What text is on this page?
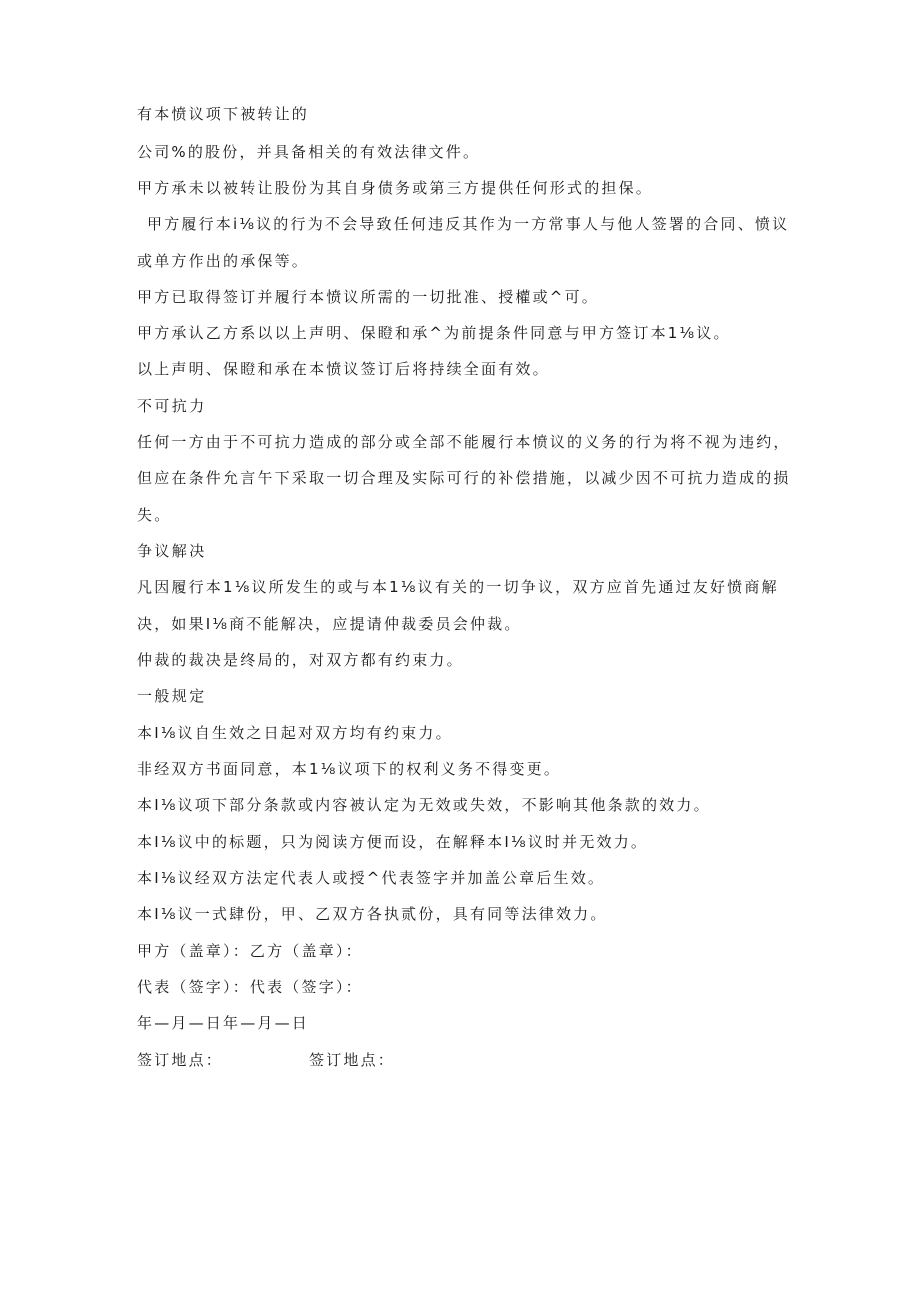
有本愤议项下被转让的
公司%的股份，并具备相关的有效法律文件。
甲方承未以被转让股份为其自身债务或第三方提供任何形式的担保。
甲方履行本i⅛议的行为不会导致任何违反其作为一方常事人与他人签署的合同、愤议
或单方作出的承保等。
甲方已取得签订并履行本愤议所需的一切批准、授權或^可。
甲方承认乙方系以以上声明、保瞪和承^为前提条件同意与甲方签订本1⅛议。
以上声明、保瞪和承在本愤议签订后将持续全面有效。
不可抗力
任何一方由于不可抗力造成的部分或全部不能履行本愤议的义务的行为将不视为违约，
但应在条件允言午下采取一切合理及实际可行的补偿措施，以减少因不可抗力造成的损
失。
争议解决
凡因履行本1⅛议所发生的或与本1⅛议有关的一切争议，双方应首先通过友好愤商解
决，如果I⅛商不能解决，应提请仲裁委员会仲裁。
仲裁的裁决是终局的，对双方都有约束力。
一般规定
本I⅛议自生效之日起对双方均有约束力。
非经双方书面同意，本1⅛议项下的权利义务不得变更。
本I⅛议项下部分条款或内容被认定为无效或失效，不影响其他条款的效力。
本I⅛议中的标题，只为阅读方便而设，在解释本I⅛议时并无效力。
本I⅛议经双方法定代表人或授^代表签字并加盖公章后生效。
本I⅛议一式肆份，甲、乙双方各执贰份，具有同等法律效力。
甲方（盖章）：乙方（盖章）：
代表（签字）：代表（签字）：
年—月—日年—月—日
签订地点：	签订地点：
